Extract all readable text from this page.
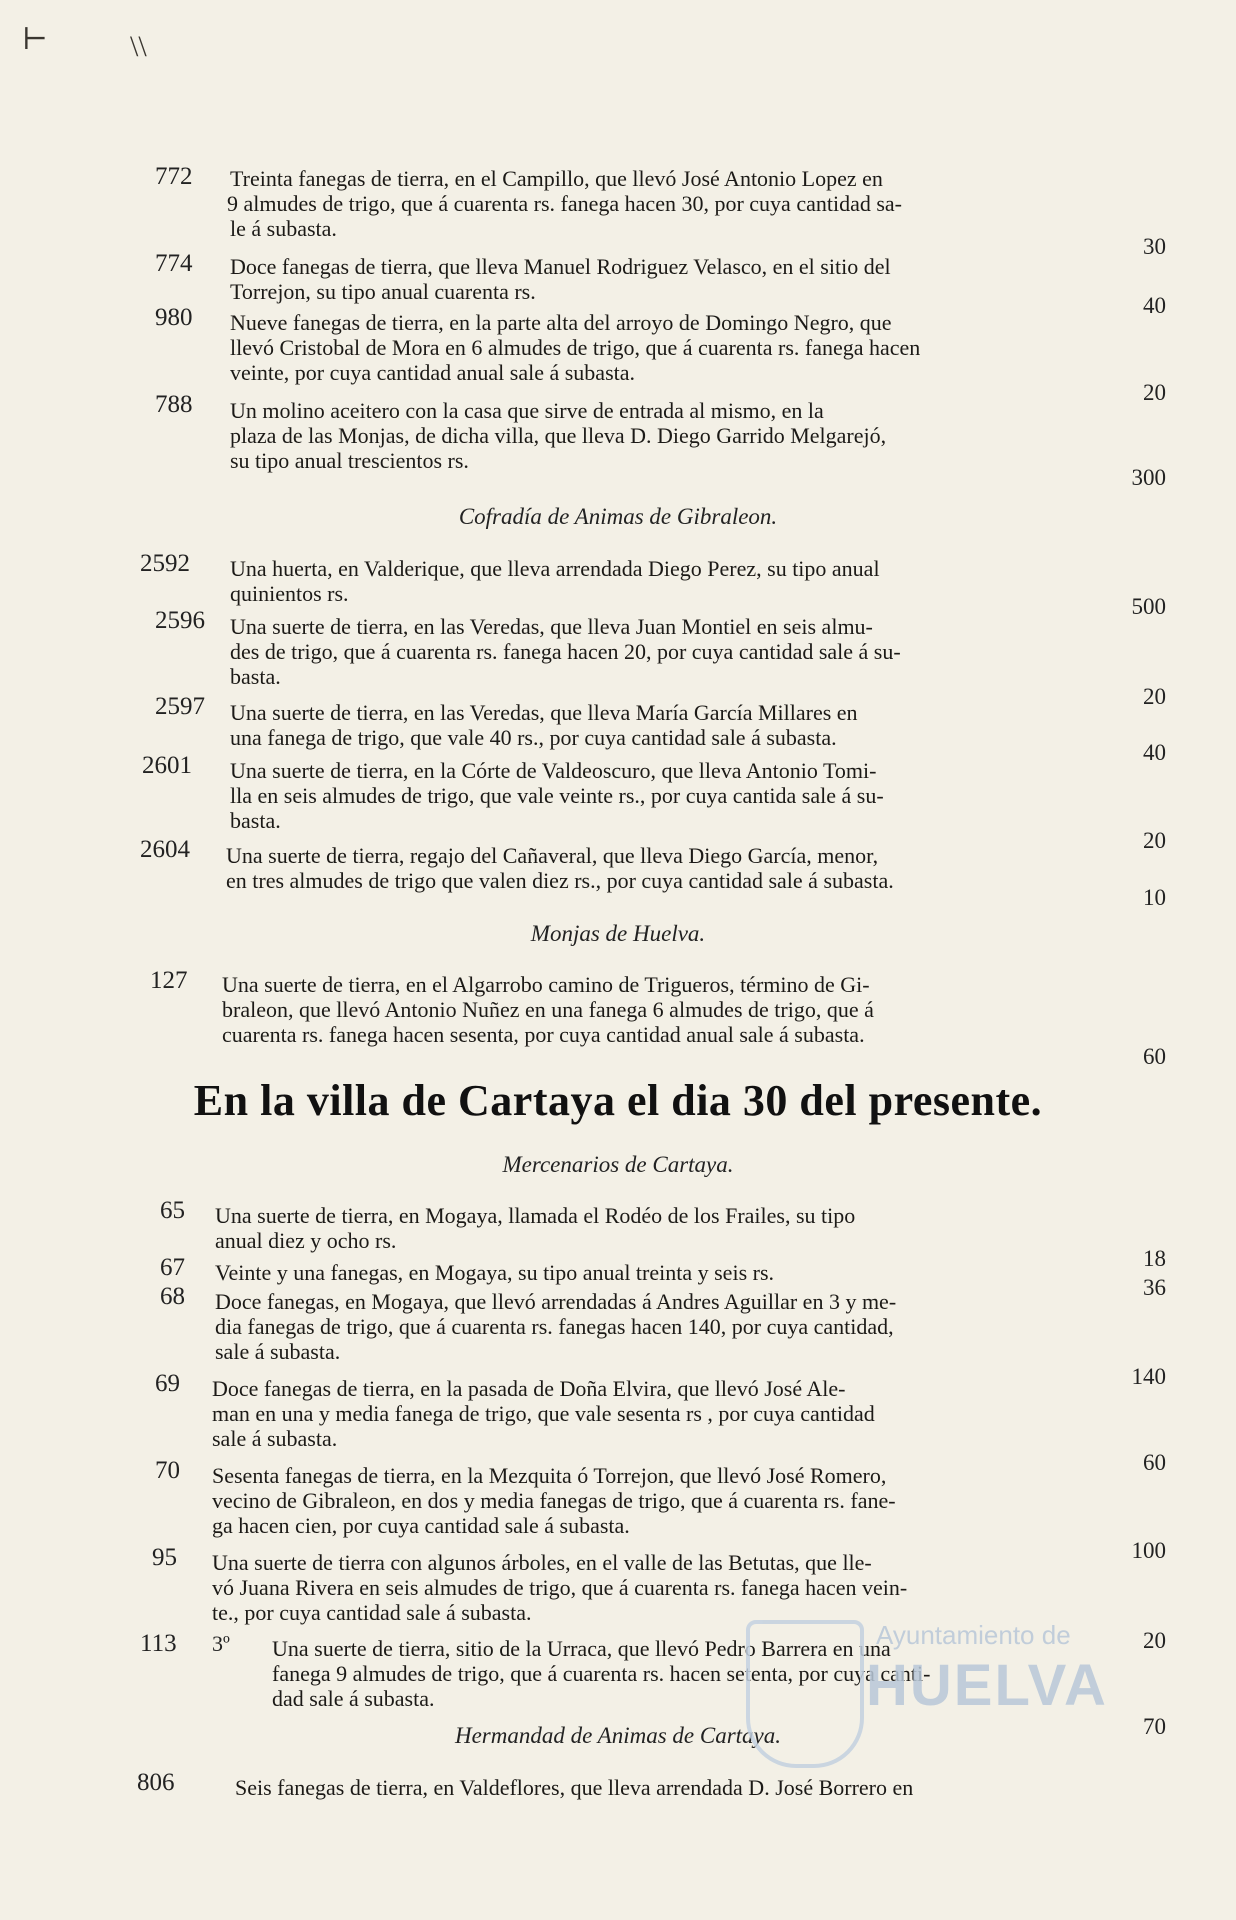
⊢	\\
772 Treinta fanegas de tierra, en el Campillo, que llevó José Antonio Lopez en
9 almudes de trigo, que á cuarenta rs. fanega hacen 30, por cuya cantidad sa-
le á subasta.
30
774 Doce fanegas de tierra, que lleva Manuel Rodriguez Velasco, en el sitio del
Torrejon, su tipo anual cuarenta rs.
40
980 Nueve fanegas de tierra, en la parte alta del arroyo de Domingo Negro, que
llevó Cristobal de Mora en 6 almudes de trigo, que á cuarenta rs. fanega hacen
veinte, por cuya cantidad anual sale á subasta.
20
788 Un molino aceitero con la casa que sirve de entrada al mismo, en la
plaza de las Monjas, de dicha villa, que lleva D. Diego Garrido Melgarejó,
su tipo anual trescientos rs.
300
Cofradía de Animas de Gibraleon.
2592 Una huerta, en Valderique, que lleva arrendada Diego Perez, su tipo anual
quinientos rs.
500
2596 Una suerte de tierra, en las Veredas, que lleva Juan Montiel en seis almu-
des de trigo, que á cuarenta rs. fanega hacen 20, por cuya cantidad sale á su-
basta.
20
2597 Una suerte de tierra, en las Veredas, que lleva María García Millares en
una fanega de trigo, que vale 40 rs., por cuya cantidad sale á subasta.
40
2601 Una suerte de tierra, en la Córte de Valdeoscuro, que lleva Antonio Tomi-
lla en seis almudes de trigo, que vale veinte rs., por cuya cantida sale á su-
basta.
20
2604 Una suerte de tierra, regajo del Cañaveral, que lleva Diego García, menor,
en tres almudes de trigo que valen diez rs., por cuya cantidad sale á subasta.
10
Monjas de Huelva.
127 Una suerte de tierra, en el Algarrobo camino de Trigueros, término de Gi-
braleon, que llevó Antonio Nuñez en una fanega 6 almudes de trigo, que á
cuarenta rs. fanega hacen sesenta, por cuya cantidad anual sale á subasta.
60
En la villa de Cartaya el dia 30 del presente.
Mercenarios de Cartaya.
65 Una suerte de tierra, en Mogaya, llamada el Rodéo de los Frailes, su tipo
anual diez y ocho rs.
18
67 Veinte y una fanegas, en Mogaya, su tipo anual treinta y seis rs.
36
68 Doce fanegas, en Mogaya, que llevó arrendadas á Andres Aguillar en 3 y me-
dia fanegas de trigo, que á cuarenta rs. fanegas hacen 140, por cuya cantidad,
sale á subasta.
140
69 Doce fanegas de tierra, en la pasada de Doña Elvira, que llevó José Ale-
man en una y media fanega de trigo, que vale sesenta rs , por cuya cantidad
sale á subasta.
60
70 Sesenta fanegas de tierra, en la Mezquita ó Torrejon, que llevó José Romero,
vecino de Gibraleon, en dos y media fanegas de trigo, que á cuarenta rs. fane-
ga hacen cien, por cuya cantidad sale á subasta.
100
95 Una suerte de tierra con algunos árboles, en el valle de las Betutas, que lle-
vó Juana Rivera en seis almudes de trigo, que á cuarenta rs. fanega hacen vein-
te., por cuya cantidad sale á subasta.
20
113 3º	Una suerte de tierra, sitio de la Urraca, que llevó Pedro Barrera en una
fanega 9 almudes de trigo, que á cuarenta rs. hacen setenta, por cuya canti-
dad sale á subasta.
70
Hermandad de Animas de Cartaya.
806	Seis fanegas de tierra, en Valdeflores, que lleva arrendada D. José Borrero en
Ayuntamiento de
HUELVA
